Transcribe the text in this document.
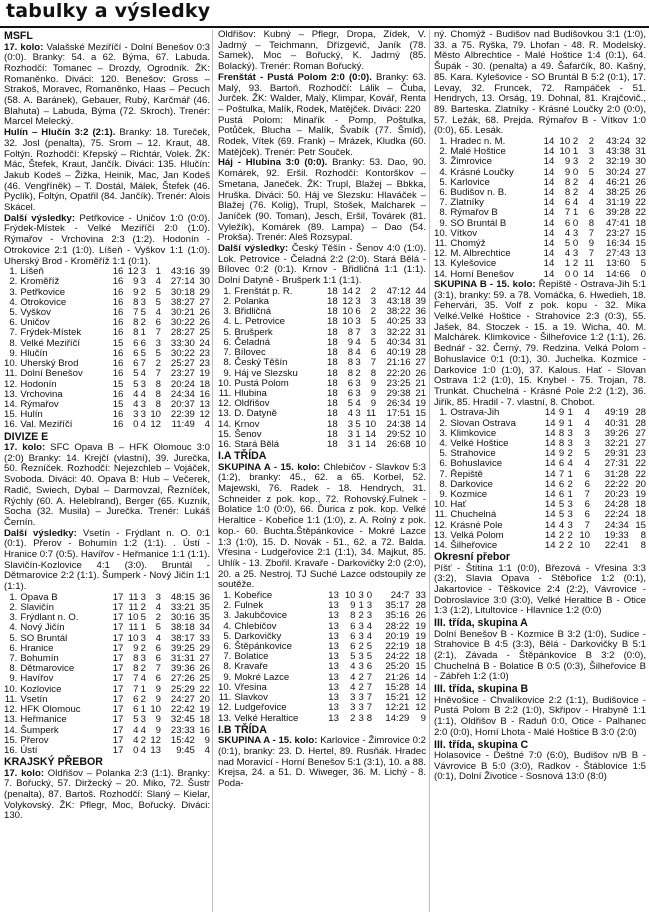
tabulky a výsledky
MSFL
17. kolo: Valašské Meziříčí - Dolní Benešov 0:3 (0:0). Branky: 54. a 62. Býma, 67. Labuda. Rozhodčí: Tomanec – Drozdy, Ogrodník. ŽK: Romaněnko. Diváci: 120. Benešov: Gross – Strakoš, Moravec, Romaněnko, Haas – Pecuch (58. A. Baránek), Gebauer, Rubý, Karčmář (46. Blahuta) – Labuda, Býma (72. Skroch). Trenér: Marcel Melecký.
Hulín – Hlučín 3:2 (2:1). Branky: 18. Tureček, 32. Josl (penalta), 75. Srom – 12. Kraut, 48. Foltýn. Rozhodčí: Křepský – Richtár, Volek. ŽK: Mác, Štefek, Kraut, Jančík. Diváci: 135. Hlučín: Jakub Kodeš – Žižka, Heinik, Mac, Jan Kodeš (46. Vengříněk) – T. Dostál, Málek, Štefek (46. Pyclík), Foltýn, Opatřil (84. Jančík). Trenér: Alois Skácel.
Další výsledky: Petřkovice - Uničov 1:0 (0:0). Frýdek-Místek - Velké Meziříčí 2:0 (1:0). Rýmařov - Vrchovina 2:3 (1:2). Hodonín - Otrokovice 2:1 (1:0). Líšeň - Vyškov 1:1 (1:0). Uherský Brod - Kroměříž 1:1 (0:1).
1.	Líšeň	16	12	3	1	43:16	39
2.	Kroměříž	16	9	3	4	27:14	30
3.	Petřkovice	16	9	2	5	30:18	29
4.	Otrokovice	16	8	3	5	38:27	27
5.	Vyškov	16	7	5	4	30:21	26
6.	Uničov	16	8	2	6	30:22	26
7.	Frýdek-Místek	16	8	1	7	28:27	25
8.	Velké Meziříčí	15	6	6	3	33:30	24
9.	Hlučín	16	6	5	5	30:22	23
10.	Uherský Brod	16	6	7	2	25:27	23
11.	Dolní Benešov	16	5	4	7	23:27	19
12.	Hodonín	15	5	3	8	20:24	18
13.	Vrchovina	16	4	4	8	24:34	16
14.	Rýmařov	15	4	3	8	20:37	13
15.	Hulín	16	3	3	10	22:39	12
16.	Val. Meziříčí	16	0	4	12	11:49	4
DIVIZE E
17. kolo: SFC Opava B – HFK Olomouc 3:0 (2:0) Branky: 14. Krejčí (vlastní), 39. Jurečka, 50. Řezníček. Rozhodčí: Nejezchleb – Vojáček, Svoboda. Diváci: 40. Opava B: Hub – Večerek, Radič, Swiech, Dybal – Darmovzal, Řezníček, Rýchly (60. A. Heleblrand), Berger (65. Kuzník, Socha (32. Musila) – Jurečka. Trenér: Lukáš Černín.
Další výsledky: Vsetín - Frýdlant n. O. 0:1 (0:1). Přerov - Bohumín 1:2 (1:1). . Ústí - Hranice 0:7 (0:5). Havířov - Heřmanice 1:1 (1:1). Slavičín-Kozlovice 4:1 (3:0). Bruntál - Dětmarovice 2:2 (1:1). Šumperk - Nový Jičín 1:1 (1:1).
1.	Opava B	17	11	3	3	48:15	36
2.	Slavičín	17	11	2	4	33:21	35
3.	Frýdlant n. O.	17	10	5	2	30:16	35
4.	Nový Jičín	17	11	1	5	38:18	34
5.	SO Bruntál	17	10	3	4	38:17	33
6.	Hranice	17	9	2	6	39:25	29
7.	Bohumín	17	8	3	6	31:31	27
8.	Dětmarovice	17	8	2	7	39:36	26
9.	Havířov	17	7	4	6	27:26	25
10.	Kozlovice	17	7	1	9	25:29	22
11.	Vsetín	17	6	2	9	24:27	20
12.	HFK Olomouc	17	6	1	10	22:42	19
13.	Heřmanice	17	5	3	9	32:45	18
14.	Šumperk	17	4	4	9	23:33	16
15.	Přerov	17	4	2	12	15:42	9
16.	Ústí	17	0	4	13	9:45	4
KRAJSKÝ PŘEBOR
17. kolo: Oldřišov – Polanka 2:3 (1:1). Branky: 7. Bořucký, 57. Diržecký – 20. Miko, 72. Šustr (penalta), 87. Bartoš. Rozhodčí: Slaný – Kielar, Volykovský. ŽK: Pflegr, Moc, Bořucký. Diváci: 130.
Oldřišov: Kubný – Pflegr, Dropa, Žídek, V. Jadrný – Teichmann, Dřízgevič, Janík (78. Samek), Moc – Bořucký, K. Jadrný (85. Bolacký). Trenér: Roman Bořucký.
Frenštát - Pustá Polom 2:0 (0:0). Branky: 63. Malý, 93. Bartoň. Rozhodčí: Lálik – Čuba, Jurček. ŽK: Walder, Malý, Klimpar, Kovář, Renta – Poštulka, Malík, Rodek, Matějček. Diváci: 220
Pustá Polom: Minařík - Pomp, Poštulka, Potůček, Blucha – Malík, Švabík (77. Šmíd), Rodek, Vítek (69. Frank) – Mrázek, Kludka (60. Matějček). Trenér: Petr Souček.
Háj - Hlubina 3:0 (0:0). Branky: 53. Dao, 90. Komárek, 92. Eršil. Rozhodčí: Kontorškov – Smetana, Janeček. ŽK: Trupl, Blažej – Bbkka, Hruška. Diváci: 50. Háj ve Slezsku: Hlaváček – Blažej (76. Kolig), Trupl, Stošek, Malcharek – Janíček (90. Toman), Jesch, Eršil, Továrek (81. Vyležík), Komárek (89. Lampa) – Dao (54. Prokša). Trenér: Aleš Rozsypal.
Další výsledky: Český Těšín - Šenov 4:0 (1:0). Lok. Petrovice - Čeladná 2:2 (2:0). Stará Bělá - Bílovec 0:2 (0:1). Krnov - Břidličná 1:1 (1:1). Dolní Datyně - Brušperk 1:1 (1:1).
1.	Frenštát p. R.	18	14	2	2	47:12	44
2.	Polanka	18	12	3	3	43:18	39
3.	Břidličná	18	10	6	2	38:22	36
4.	L. Petrovice	18	10	3	5	40:25	33
5.	Brušperk	18	8	7	3	32:22	31
6.	Čeladná	18	9	4	5	40:34	31
7.	Bílovec	18	8	4	6	40:19	28
8.	Český Těšín	18	8	3	7	21:16	27
9.	Háj ve Slezsku	18	8	2	8	22:20	26
10.	Pustá Polom	18	6	3	9	23:25	21
11.	Hlubina	18	6	3	9	29:38	21
12.	Oldřišov	18	5	4	9	26:34	19
13.	D. Datyně	18	4	3	11	17:51	15
14.	Krnov	18	3	5	10	24:38	14
15.	Šenov	18	3	1	14	29:52	10
16.	Stará Bělá	18	3	1	14	26:68	10
I.A TŘÍDA
SKUPINA A - 15. kolo: Chlebičov - Slavkov 5:3 (1:2), branky: 45., 62. a 65. Korbel, 52. Majewski, 76. Radek - 18. Hendrych, 31. Schneider z pok. kop., 72. Rohovský.Fulnek - Bolatice 1:0 (0:0), 66. Ďurica z pok. kop. Velké Heraltice - Kobeřice 1:1 (1:0), z. A. Rolný z pok. kop.- 60. Buchta.Štěpánkovice - Mokré Lazce 1:3 (1:0), 15. D. Novák - 51., 62. a 72. Balda. Vřesina - Ludgeřovice 2:1 (1:1), 34. Majkut, 85. Uhlík - 13. Zbořil. Kravaře - Darkovičky 2:0 (2:0), 20. a 25. Nestroj. TJ Suché Lazce odstoupily ze soutěže.
1.	Kobeřice	13	10	3	0	24:7	33
2.	Fulnek	13	9	1	3	35:17	28
3.	Jakubčovice	13	8	2	3	35:16	26
4.	Chlebičov	13	6	3	4	28:22	19
5.	Darkovičky	13	6	3	4	20:19	19
6.	Štěpánkovice	13	6	2	5	22:19	18
7.	Bolatice	13	5	3	5	24:22	18
8.	Kravaře	13	4	3	6	25:20	15
9.	Mokré Lazce	13	4	2	7	21:26	14
10.	Vřesina	13	4	2	7	15:28	14
11.	Slavkov	13	3	3	7	15:21	12
12.	Ludgeřovice	13	3	3	7	12:21	12
13.	Velké Heraltice	13	2	3	8	14:29	9
I.B TŘÍDA
SKUPINA A - 15. kolo: Karlovice - Žimrovice 0:2 (0:1), branky: 23. D. Hertel, 89. Rusňák. Hradec nad Moravicí - Horní Benešov 5:1 (3:1), 10. a 88. Krejsa, 24. a 51. D. Wiweger, 36. M. Lichý - 8. Poda-
ný. Chomýž - Budišov nad Budišovkou 3:1 (1:0), 33. a 75. Ryška, 79. Lhofan - 48. R. Modelský. Město Albrechtice - Malé Hoštice 1:4 (0:1), 64. Šupák - 30. (penalta) a 49. Šafarčík, 80. Kašný, 85. Kara. Kylešovice - SO Bruntál B 5:2 (0:1), 17. Levay, 32. Fruncek, 72. Rampáček - 51. Hendrych, 13. Orság, 19. Dohnal, 81. Krajčovič., 89. Barteska. Zlatníky - Krásné Loučky 2:0 (0:0), 57. Ležák, 68. Prejda. Rýmařov B - Vítkov 1:0 (0:0), 65. Lesák.
1.	Hradec n. M.	14	10	2	2	43:24	32
2.	Malé Hoštice	14	10	1	3	43:38	31
3.	Žimrovice	14	9	3	2	32:19	30
4.	Krásné Loučky	14	9	0	5	30:24	27
5.	Karlovice	14	8	2	4	46:21	26
6.	Budišov n. B.	14	8	2	4	38:25	26
7.	Zlatníky	14	6	4	4	31:19	22
8.	Rýmařov B	14	7	1	6	39:28	22
9.	SO Bruntál B	14	6	0	8	47:41	18
10.	Vítkov	14	4	3	7	23:27	15
11.	Chomýž	14	5	0	9	16:34	15
12.	M. Albrechtice	14	4	3	7	27:43	13
13.	Kylešovice	14	1	2	11	13:60	5
14.	Horní Benešov	14	0	0	14	14:66	0
SKUPINA B - 15. kolo: Řepiště - Ostrava-Jih 5:1 (3:1), branky: 59. a 78. Vomáčka, 6. Hwedieh, 18. Fehervári, 35. Volf z pok. kopu - 32. Mika Velké.Velké Hoštice - Strahovice 2:3 (0:3), 55. Jašek, 84. Stoczek - 15. a 19. Wicha, 40. M. Malchárek. Klimkovice - Šilheřovice 1:2 (1:1), 26. Bednář - 32. Černý, 79. Redzina. Velká Polom - Bohuslavice 0:1 (0:1), 30. Juchelka. Kozmice - Darkovice 1:0 (1:0), 37. Kalous. Hať - Slovan Ostrava 1:2 (1:0), 15. Knybel - 75. Trojan, 78. Trunkát. Chuchelná - Krásné Pole 2:2 (1:2), 36. Jiřík, 85. Hradil - 7. vlastní, 8. Chobot.
1.	Ostrava-Jih	14	9	1	4	49:19	28
2.	Slovan Ostrava	14	9	1	4	40:31	28
3.	Klimkovice	14	8	3	3	39:26	27
4.	Velké Hoštice	14	8	3	3	32:21	27
5.	Strahovice	14	9	2	5	29:31	23
6.	Bohuslavice	14	6	4	4	27:31	22
7.	Řepiště	14	7	1	6	31:28	22
8.	Darkovice	14	6	2	6	22:22	20
9.	Kozmice	14	6	1	7	20:23	19
10.	Hať	14	5	3	6	24:28	18
11.	Chuchelná	14	5	3	6	22:24	18
12.	Krásné Pole	14	4	3	7	24:34	15
13.	Velká Polom	14	2	2	10	19:33	8
14.	Šilheřovice	14	2	2	10	22:41	8
Okresní přebor
Píšť - Štítina 1:1 (0:0), Březová - Vřesina 3:3 (3:2), Slavia Opava - Stěbořice 1:2 (0:1), Jakartovice - Těškovice 2:4 (2:2), Vávrovice - Dobroslavice 3:0 (3:0), Velké Heraltice B - Otice 1:3 (1:2), Litultovice - Hlavnice 1:2 (0:0)
III. třída, skupina A
Dolní Benešov B - Kozmice B 3:2 (1:0), Sudice - Strahovice B 4:5 (3:3), Bělá - Darkovičky B 5:1 (2:1), Závada - Štěpánkovice B 3:2 (0:0), Chuchelná B - Bolatice B 0:5 (0:3), Šilheřovice B - Zábřeh 1:2 (1:0)
III. třída, skupina B
Hněvošice - Chvalíkovice 2:2 (1:1), Budišovice - Pustá Polom B 2:2 (1:0), Skřipov - Hrabyně 1:1 (1:1), Oldřišov B - Raduň 0:0, Otice - Palhanec 2:0 (0:0), Horní Lhota - Malé Hoštice B 3:0 (2:0)
III. třída, skupina C
Holasovice - Deštné 7:0 (6:0), Budišov n/B B - Vávrovice B 5:0 (3:0), Radkov - Štáblovice 1:5 (0:1), Dolní Životice - Sosnová 13:0 (8:0)
